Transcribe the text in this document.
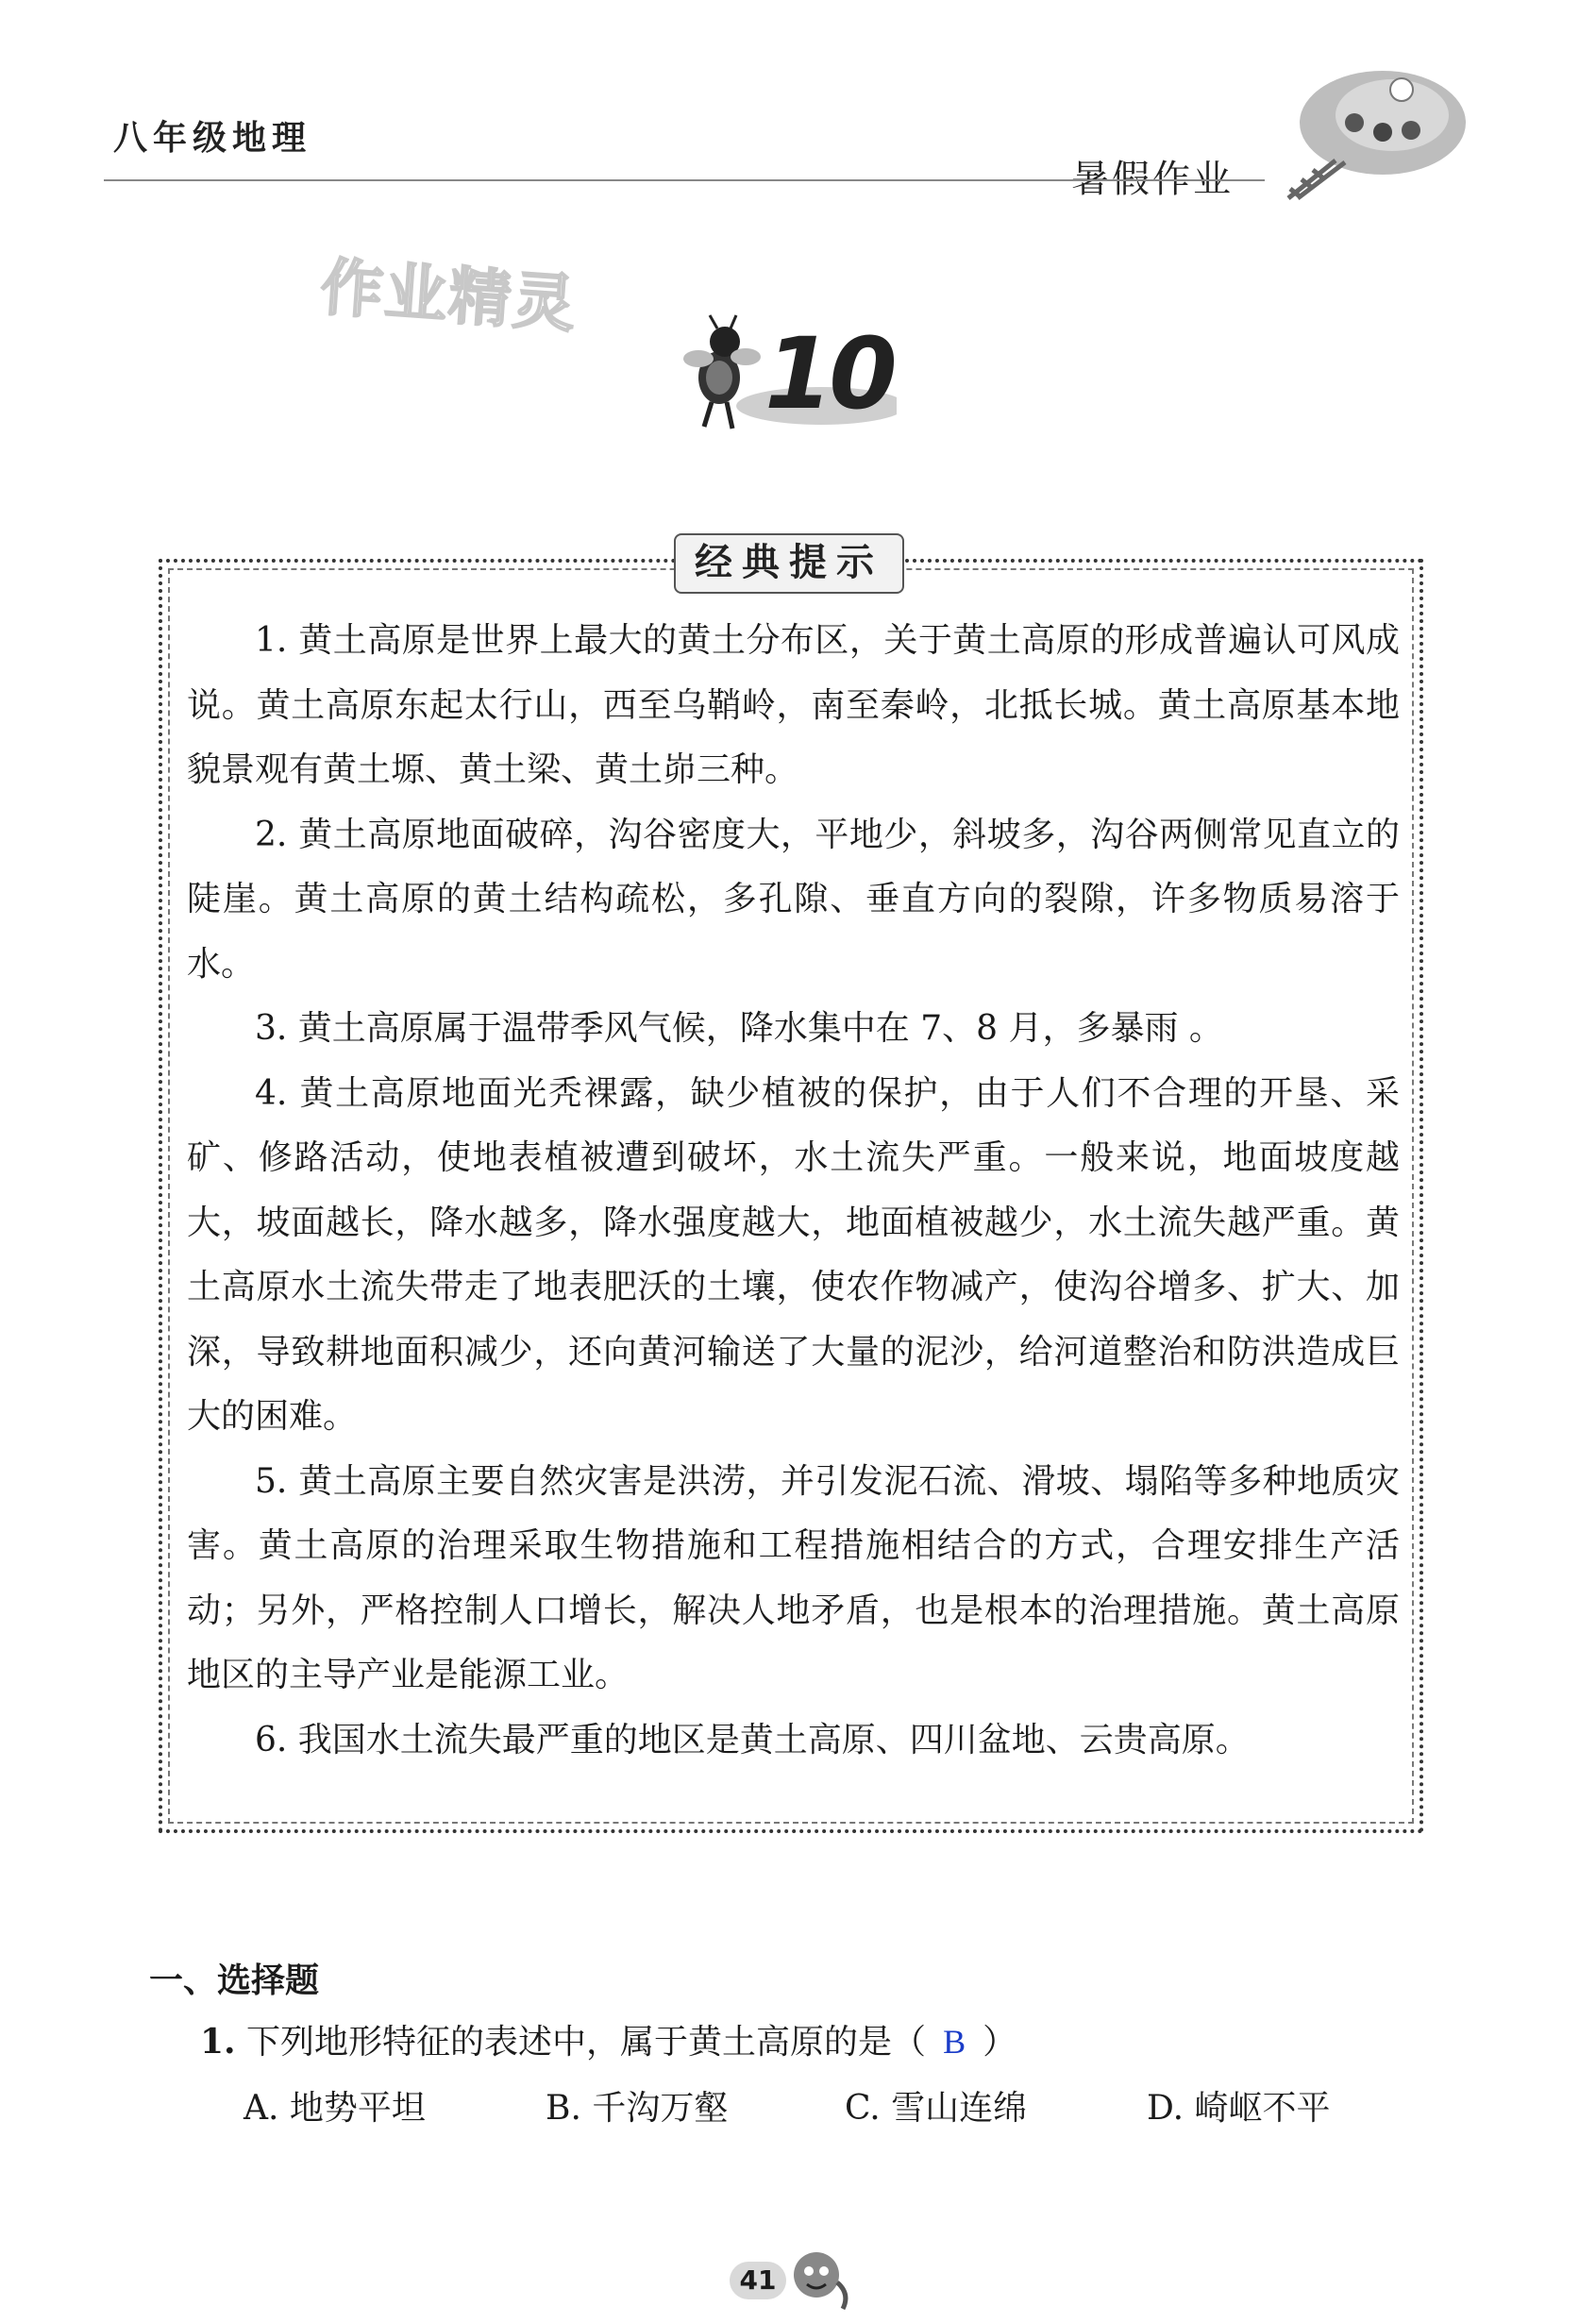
八年级地理
暑假作业
作业精灵
10
经典提示

1. 黄土高原是世界上最大的黄土分布区，关于黄土高原的形成普遍认可风成说。黄土高原东起太行山，西至乌鞘岭，南至秦岭，北抵长城。黄土高原基本地貌景观有黄土塬、黄土梁、黄土峁三种。

2. 黄土高原地面破碎，沟谷密度大，平地少，斜坡多，沟谷两侧常见直立的陡崖。黄土高原的黄土结构疏松，多孔隙、垂直方向的裂隙，许多物质易溶于水。

3. 黄土高原属于温带季风气候，降水集中在 7、8 月，多暴雨 。

4. 黄土高原地面光秃裸露，缺少植被的保护，由于人们不合理的开垦、采矿、修路活动，使地表植被遭到破坏，水土流失严重。一般来说，地面坡度越大，坡面越长，降水越多，降水强度越大，地面植被越少，水土流失越严重。黄土高原水土流失带走了地表肥沃的土壤，使农作物减产，使沟谷增多、扩大、加深，导致耕地面积减少，还向黄河输送了大量的泥沙，给河道整治和防洪造成巨大的困难。

5. 黄土高原主要自然灾害是洪涝，并引发泥石流、滑坡、塌陷等多种地质灾害。黄土高原的治理采取生物措施和工程措施相结合的方式，合理安排生产活动；另外，严格控制人口增长，解决人地矛盾，也是根本的治理措施。黄土高原地区的主导产业是能源工业。

6. 我国水土流失最严重的地区是黄土高原、四川盆地、云贵高原。

一、选择题
1. 下列地形特征的表述中，属于黄土高原的是（ B ）
A. 地势平坦	B. 千沟万壑	C. 雪山连绵	D. 崎岖不平
41
